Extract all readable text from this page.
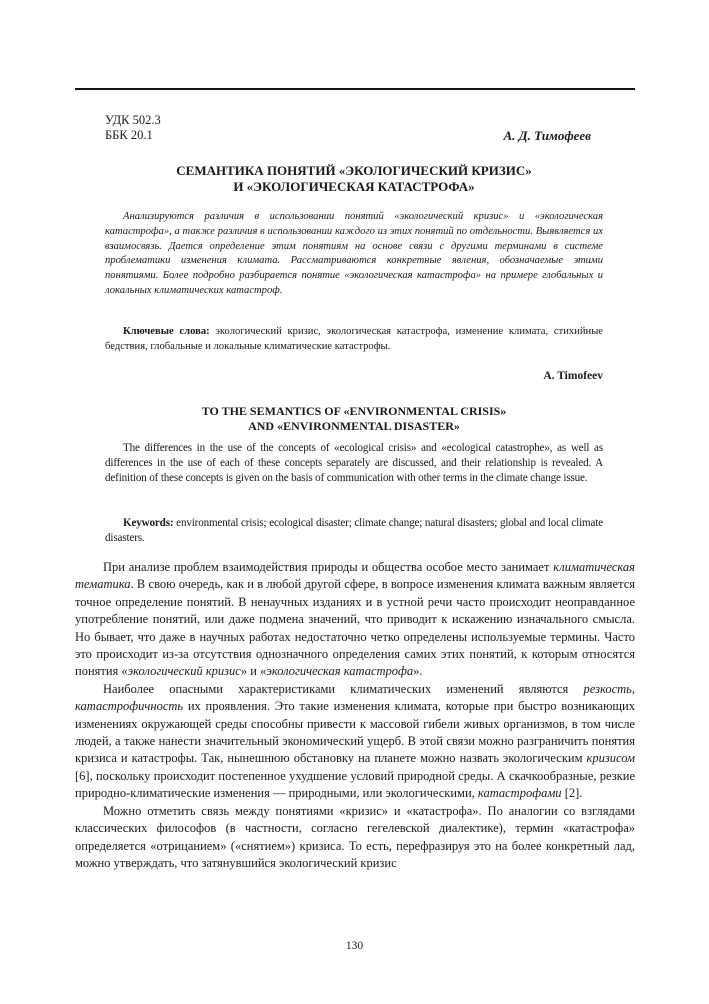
УДК 502.3
ББК 20.1	А. Д. Тимофеев
СЕМАНТИКА ПОНЯТИЙ «ЭКОЛОГИЧЕСКИЙ КРИЗИС»
И «ЭКОЛОГИЧЕСКАЯ КАТАСТРОФА»
Анализируются различия в использовании понятий «экологический кризис» и «экологическая катастрофа», а также различия в использовании каждого из этих понятий по отдельности. Выявляется их взаимосвязь. Дается определение этим понятиям на основе связи с другими терминами в системе проблематики изменения климата. Рассматриваются конкретные явления, обозначаемые этими понятиями. Более подробно разбирается понятие «экологическая катастрофа» на примере глобальных и локальных климатических катастроф.
Ключевые слова: экологический кризис, экологическая катастрофа, изменение климата, стихийные бедствия, глобальные и локальные климатические катастрофы.
A. Timofeev
TO THE SEMANTICS OF «ENVIRONMENTAL CRISIS»
AND «ENVIRONMENTAL DISASTER»
The differences in the use of the concepts of «ecological crisis» and «ecological catastrophe», as well as differences in the use of each of these concepts separately are discussed, and their relationship is revealed. A definition of these concepts is given on the basis of communication with other terms in the climate change issue.
Keywords: environmental crisis; ecological disaster; climate change; natural disasters; global and local climate disasters.

При анализе проблем взаимодействия природы и общества особое место занимает климатическая тематика. В свою очередь, как и в любой другой сфере, в вопросе изменения климата важным является точное определение понятий. В ненаучных изданиях и в устной речи часто происходит неоправданное употребление понятий, или даже подмена значений, что приводит к искажению изначального смысла. Но бывает, что даже в научных работах недостаточно четко определены используемые термины. Часто это происходит из-за отсутствия однозначного определения самих этих понятий, к которым относятся понятия «экологический кризис» и «экологическая катастрофа».

Наиболее опасными характеристиками климатических изменений являются резкость, катастрофичность их проявления. Это такие изменения климата, которые при быстро возникающих изменениях окружающей среды способны привести к массовой гибели живых организмов, в том числе людей, а также нанести значительный экономический ущерб. В этой связи можно разграничить понятия кризиса и катастрофы. Так, нынешнюю обстановку на планете можно назвать экологическим кризисом [6], поскольку происходит постепенное ухудшение условий природной среды. А скачкообразные, резкие природно-климатические изменения — природными, или экологическими, катастрофами [2].

Можно отметить связь между понятиями «кризис» и «катастрофа». По аналогии со взглядами классических философов (в частности, согласно гегелевской диалектике), термин «катастрофа» определяется «отрицанием» («снятием») кризиса. То есть, перефразируя это на более конкретный лад, можно утверждать, что затянувшийся экологический кризис

130
